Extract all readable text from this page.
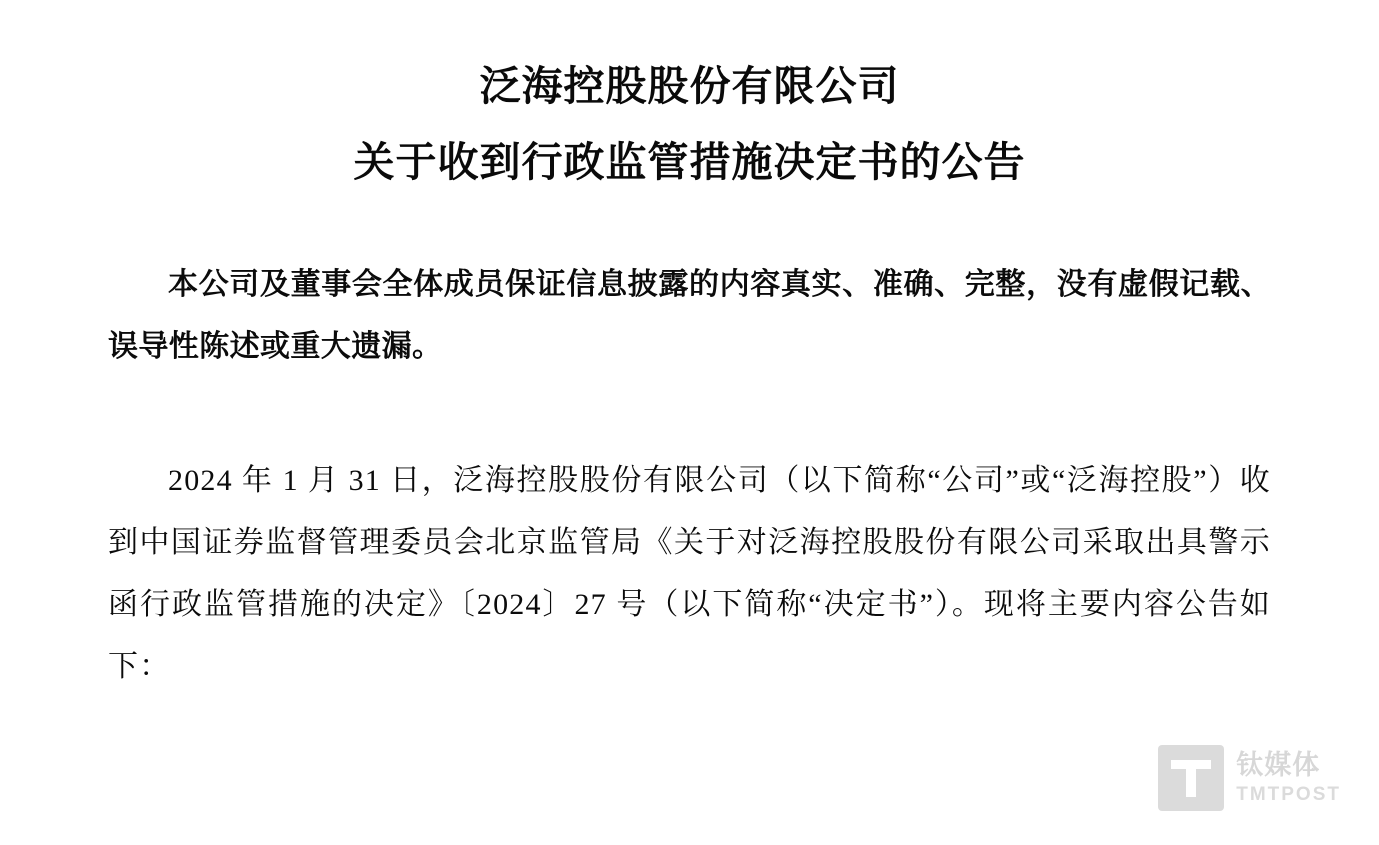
泛海控股股份有限公司
关于收到行政监管措施决定书的公告
本公司及董事会全体成员保证信息披露的内容真实、准确、完整，没有虚假记载、误导性陈述或重大遗漏。
2024 年 1 月 31 日，泛海控股股份有限公司（以下简称“公司”或“泛海控股”）收到中国证券监督管理委员会北京监管局《关于对泛海控股股份有限公司采取出具警示函行政监管措施的决定》〔2024〕27 号（以下简称“决定书”）。现将主要内容公告如下：
钛媒体
TMTPOST
